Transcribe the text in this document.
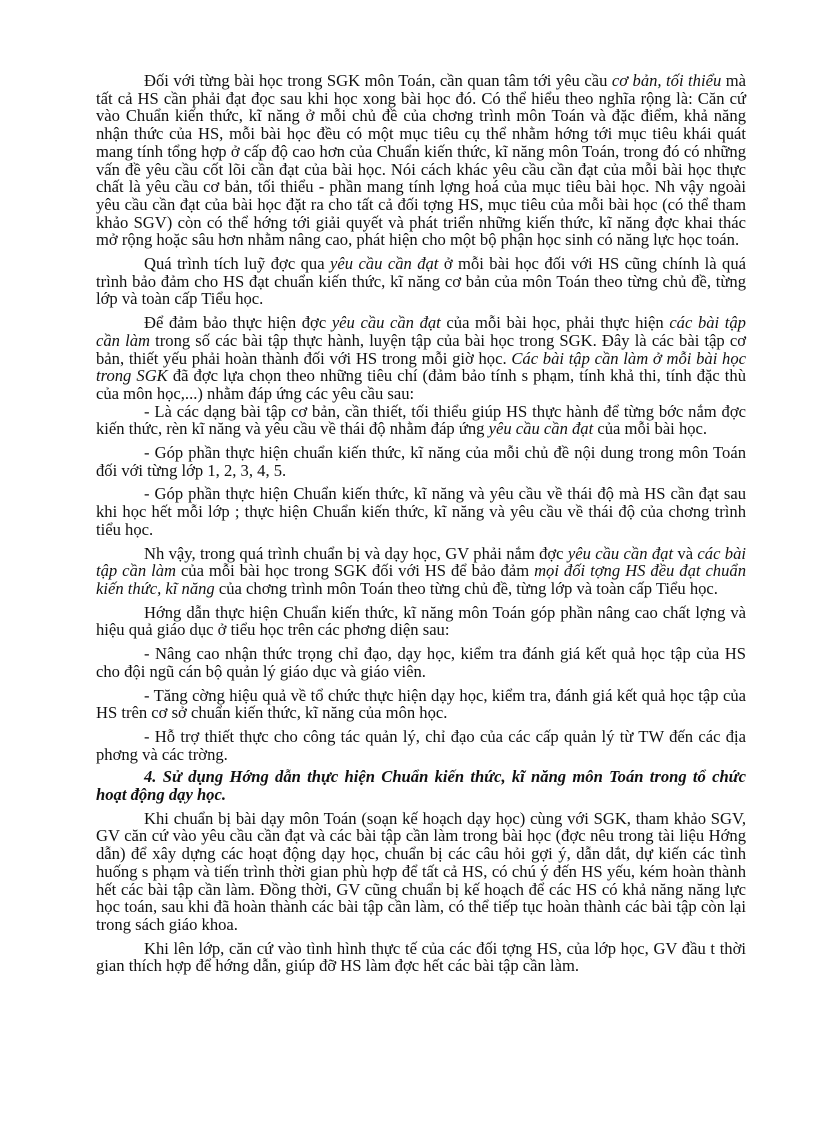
Đối với từng bài học trong SGK môn Toán, cần quan tâm tới yêu cầu cơ bản, tối thiểu mà tất cả HS cần phải đạt đọc sau khi học xong bài học đó. Có thể hiểu theo nghĩa rộng là: Căn cứ vào Chuẩn kiến thức, kĩ năng ở mỗi chủ đề của chơng trình môn Toán và đặc điểm, khả năng nhận thức của HS, mỗi bài học đều có một mục tiêu cụ thể nhằm hớng tới mục tiêu khái quát mang tính tổng hợp ở cấp độ cao hơn của Chuẩn kiến thức, kĩ năng môn Toán, trong đó có những vấn đề yêu cầu cốt lõi cần đạt của bài học. Nói cách khác yêu cầu cần đạt của mỗi bài học thực chất là yêu cầu cơ bản, tối thiểu - phần mang tính lợng hoá của mục tiêu bài học. Nh vậy ngoài yêu cầu cần đạt của bài học đặt ra cho tất cả đối tợng HS, mục tiêu của mỗi bài học (có thể tham khảo SGV) còn có thể hớng tới giải quyết và phát triển những kiến thức, kĩ năng đợc khai thác mở rộng hoặc sâu hơn nhằm nâng cao, phát hiện cho một bộ phận học sinh có năng lực học toán.

Quá trình tích luỹ đợc qua yêu cầu cần đạt ở mỗi bài học đối với HS cũng chính là quá trình bảo đảm cho HS đạt chuẩn kiến thức, kĩ năng cơ bản của môn Toán theo từng chủ đề, từng lớp và toàn cấp Tiểu học.

Để đảm bảo thực hiện đợc yêu cầu cần đạt của mỗi bài học, phải thực hiện các bài tập cần làm trong số các bài tập thực hành, luyện tập của bài học trong SGK. Đây là các bài tập cơ bản, thiết yếu phải hoàn thành đối với HS trong mỗi giờ học. Các bài tập cần làm ở mỗi bài học trong SGK đã đợc lựa chọn theo những tiêu chí (đảm bảo tính s phạm, tính khả thi, tính đặc thù của môn học,...) nhằm đáp ứng các yêu cầu sau:

- Là các dạng bài tập cơ bản, cần thiết, tối thiểu giúp HS thực hành để từng bớc nắm đợc kiến thức, rèn kĩ năng và yêu cầu về thái độ nhằm đáp ứng yêu cầu cần đạt của mỗi bài học.

- Góp phần thực hiện chuẩn kiến thức, kĩ năng của mỗi chủ đề nội dung trong môn Toán đối với từng lớp 1, 2, 3, 4, 5.

- Góp phần thực hiện Chuẩn kiến thức, kĩ năng và yêu cầu về thái độ mà HS cần đạt sau khi học hết mỗi lớp ; thực hiện Chuẩn kiến thức, kĩ năng và yêu cầu về thái độ của chơng trình tiểu học.

Nh vậy, trong quá trình chuẩn bị và dạy học, GV phải nắm đợc yêu cầu cần đạt và các bài tập cần làm của mỗi bài học trong SGK đối với HS để bảo đảm mọi đối tợng HS đều đạt chuẩn kiến thức, kĩ năng của chơng trình môn Toán theo từng chủ đề, từng lớp và toàn cấp Tiểu học.

Hớng dẫn thực hiện Chuẩn kiến thức, kĩ năng môn Toán góp phần nâng cao chất lợng và hiệu quả giáo dục ở tiểu học trên các phơng diện sau:

- Nâng cao nhận thức trọng chỉ đạo, dạy học, kiểm tra đánh giá kết quả học tập của HS cho đội ngũ cán bộ quản lý giáo dục và giáo viên.

- Tăng cờng hiệu quả về tổ chức thực hiện dạy học, kiểm tra, đánh giá kết quả học tập của HS trên cơ sở chuẩn kiến thức, kĩ năng của môn học.

- Hỗ trợ thiết thực cho công tác quản lý, chỉ đạo của các cấp quản lý từ TW đến các địa phơng và các trờng.

4. Sử dụng Hớng dẫn thực hiện Chuẩn kiến thức, kĩ năng môn Toán trong tổ chức hoạt động dạy học.

Khi chuẩn bị bài dạy môn Toán (soạn kế hoạch dạy học) cùng với SGK, tham khảo SGV, GV căn cứ vào yêu cầu cần đạt và các bài tập cần làm trong bài học (đợc nêu trong tài liệu Hớng dẫn) để xây dựng các hoạt động dạy học, chuẩn bị các câu hỏi gợi ý, dẫn dắt, dự kiến các tình huống s phạm và tiến trình thời gian phù hợp để tất cả HS, có chú ý đến HS yếu, kém hoàn thành hết các bài tập cần làm. Đồng thời, GV cũng chuẩn bị kế hoạch để các HS có khả năng năng lực học toán, sau khi đã hoàn thành các bài tập cần làm, có thể tiếp tục hoàn thành các bài tập còn lại trong sách giáo khoa.

Khi lên lớp, căn cứ vào tình hình thực tế của các đối tợng HS, của lớp học, GV đầu t thời gian thích hợp để hớng dẫn, giúp đỡ HS làm đợc hết các bài tập cần làm.
